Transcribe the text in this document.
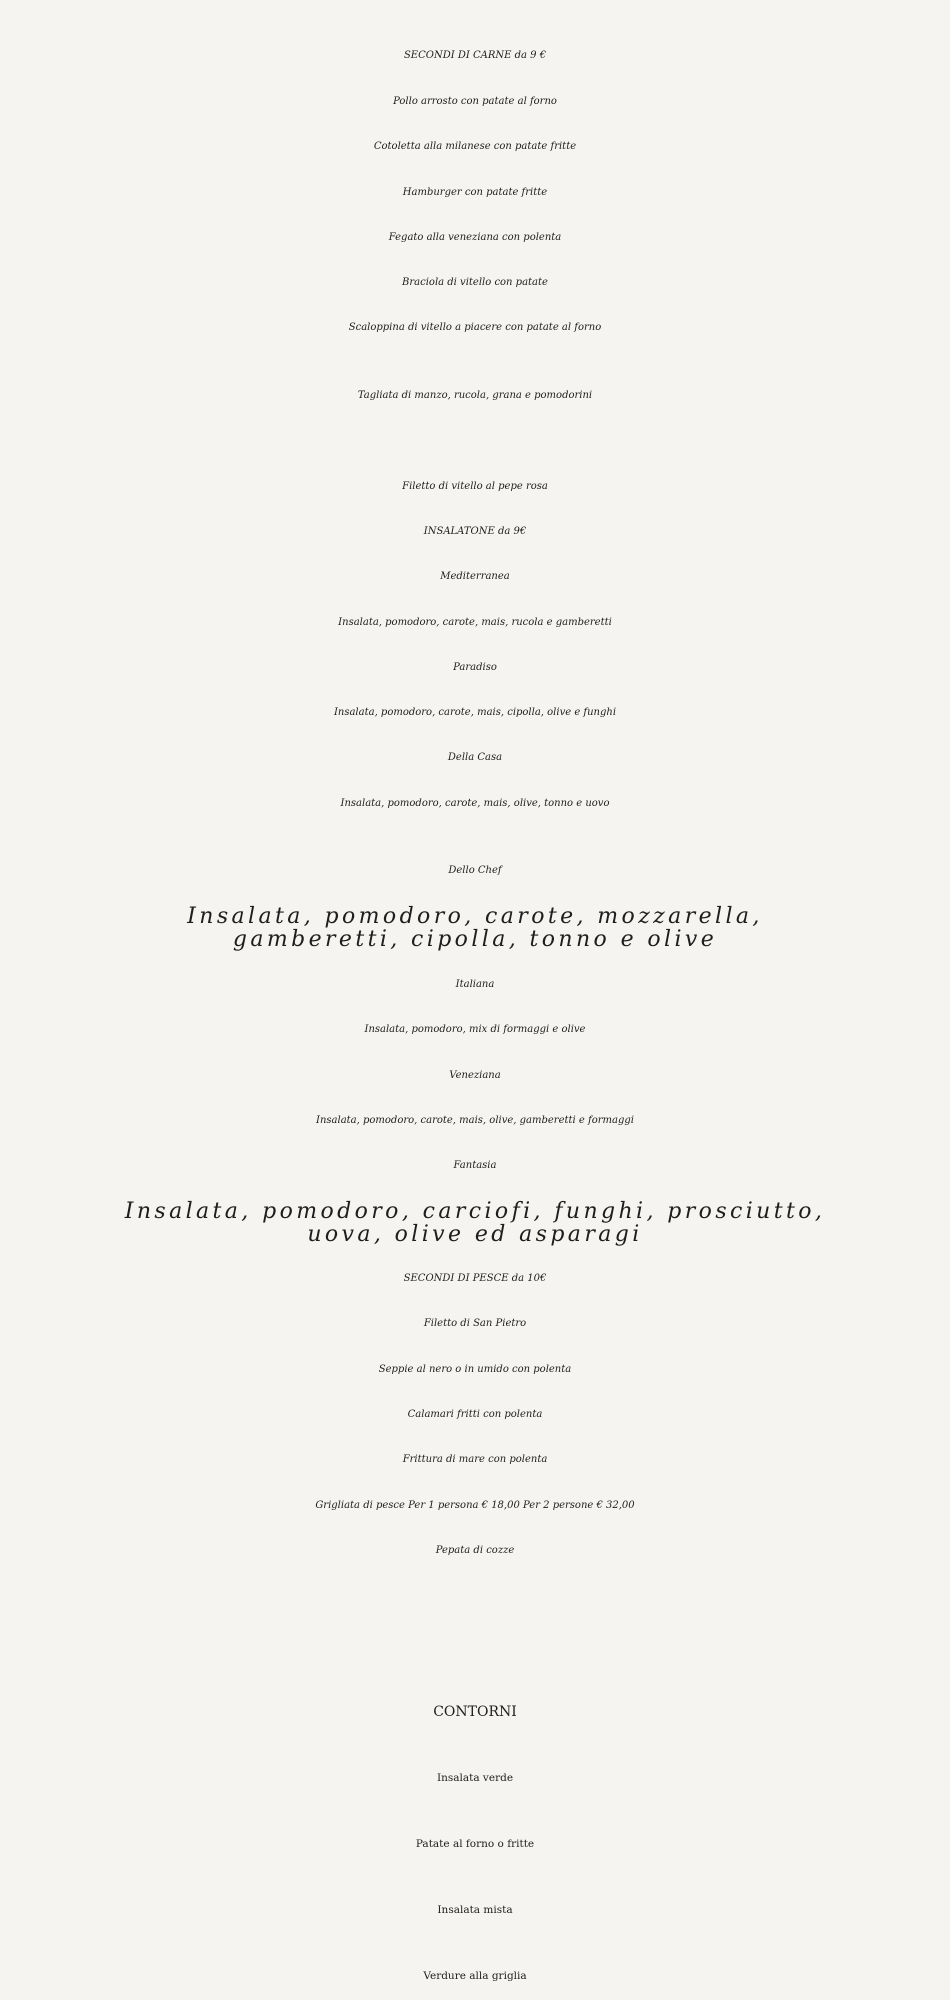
SECONDI DI CARNE da 9 €
Pollo arrosto con patate al forno
Cotoletta alla milanese con patate fritte
Hamburger con patate fritte
Fegato alla veneziana con polenta
Braciola di vitello con patate
Scaloppina di vitello a piacere con patate al forno
Tagliata di manzo, rucola, grana e pomodorini
Filetto di vitello al pepe rosa
INSALATONE da 9€
Mediterranea
Insalata, pomodoro, carote, mais, rucola e gamberetti
Paradiso
Insalata, pomodoro, carote, mais, cipolla, olive e funghi
Della Casa
Insalata, pomodoro, carote, mais, olive, tonno e uovo
Dello Chef
Insalata, pomodoro, carote, mozzarella, gamberetti, cipolla, tonno e olive
Italiana
Insalata, pomodoro, mix di formaggi e olive
Veneziana
Insalata, pomodoro, carote, mais, olive, gamberetti e formaggi
Fantasia
Insalata, pomodoro, carciofi, funghi, prosciutto, uova, olive ed asparagi
SECONDI DI PESCE da 10€
Filetto di San Pietro
Seppie al nero o in umido con polenta
Calamari fritti con polenta
Frittura di mare con polenta
Grigliata di pesce Per 1 persona € 18,00 Per 2 persone € 32,00
Pepata di cozze
CONTORNI
Insalata verde
Patate al forno o fritte
Insalata mista
Verdure alla griglia
